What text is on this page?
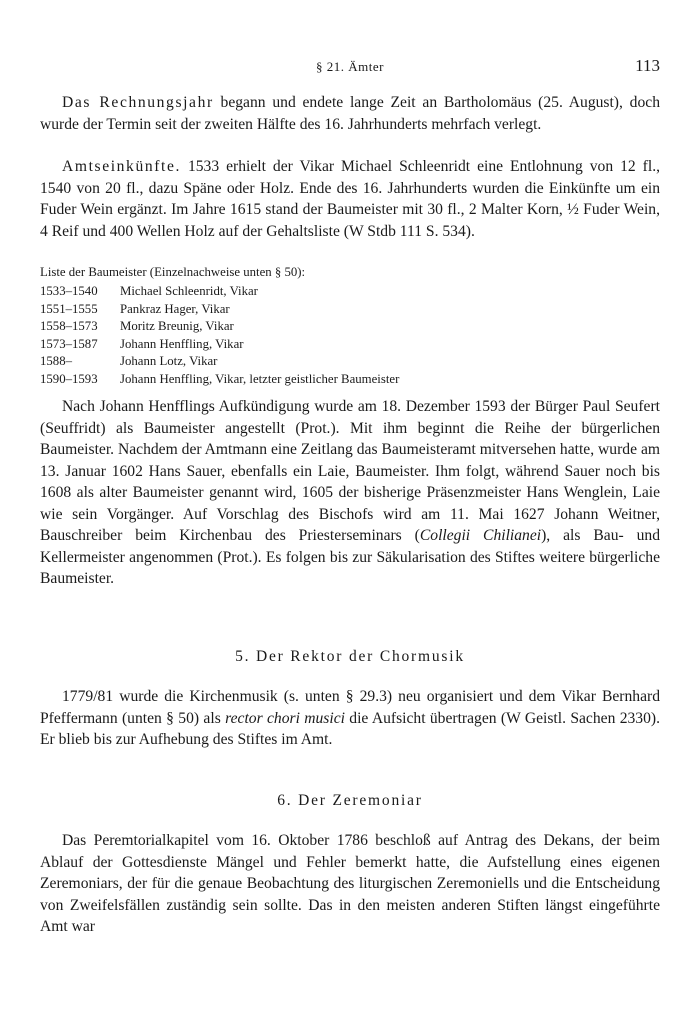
§ 21. Ämter	113

Das Rechnungsjahr begann und endete lange Zeit an Bartholomäus (25. August), doch wurde der Termin seit der zweiten Hälfte des 16. Jahrhunderts mehrfach verlegt.

Amtseinkünfte. 1533 erhielt der Vikar Michael Schleenridt eine Entlohnung von 12 fl., 1540 von 20 fl., dazu Späne oder Holz. Ende des 16. Jahrhunderts wurden die Einkünfte um ein Fuder Wein ergänzt. Im Jahre 1615 stand der Baumeister mit 30 fl., 2 Malter Korn, ½ Fuder Wein, 4 Reif und 400 Wellen Holz auf der Gehaltsliste (W Stdb 111 S. 534).

Liste der Baumeister (Einzelnachweise unten § 50):
1533–1540	Michael Schleenridt, Vikar
1551–1555	Pankraz Hager, Vikar
1558–1573	Moritz Breunig, Vikar
1573–1587	Johann Henffling, Vikar
1588–	Johann Lotz, Vikar
1590–1593	Johann Henffling, Vikar, letzter geistlicher Baumeister

Nach Johann Henfflings Aufkündigung wurde am 18. Dezember 1593 der Bürger Paul Seufert (Seuffridt) als Baumeister angestellt (Prot.). Mit ihm beginnt die Reihe der bürgerlichen Baumeister. Nachdem der Amtmann eine Zeitlang das Baumeisteramt mitversehen hatte, wurde am 13. Januar 1602 Hans Sauer, ebenfalls ein Laie, Baumeister. Ihm folgt, während Sauer noch bis 1608 als alter Baumeister genannt wird, 1605 der bisherige Präsenzmeister Hans Wenglein, Laie wie sein Vorgänger. Auf Vorschlag des Bischofs wird am 11. Mai 1627 Johann Weitner, Bauschreiber beim Kirchenbau des Priesterseminars (Collegii Chilianei), als Bau- und Kellermeister angenommen (Prot.). Es folgen bis zur Säkularisation des Stiftes weitere bürgerliche Baumeister.

5. Der Rektor der Chormusik

1779/81 wurde die Kirchenmusik (s. unten § 29.3) neu organisiert und dem Vikar Bernhard Pfeffermann (unten § 50) als rector chori musici die Aufsicht übertragen (W Geistl. Sachen 2330). Er blieb bis zur Aufhebung des Stiftes im Amt.

6. Der Zeremoniar

Das Peremtorialkapitel vom 16. Oktober 1786 beschloß auf Antrag des Dekans, der beim Ablauf der Gottesdienste Mängel und Fehler bemerkt hatte, die Aufstellung eines eigenen Zeremoniars, der für die genaue Beobachtung des liturgischen Zeremoniells und die Entscheidung von Zweifelsfällen zuständig sein sollte. Das in den meisten anderen Stiften längst eingeführte Amt war
